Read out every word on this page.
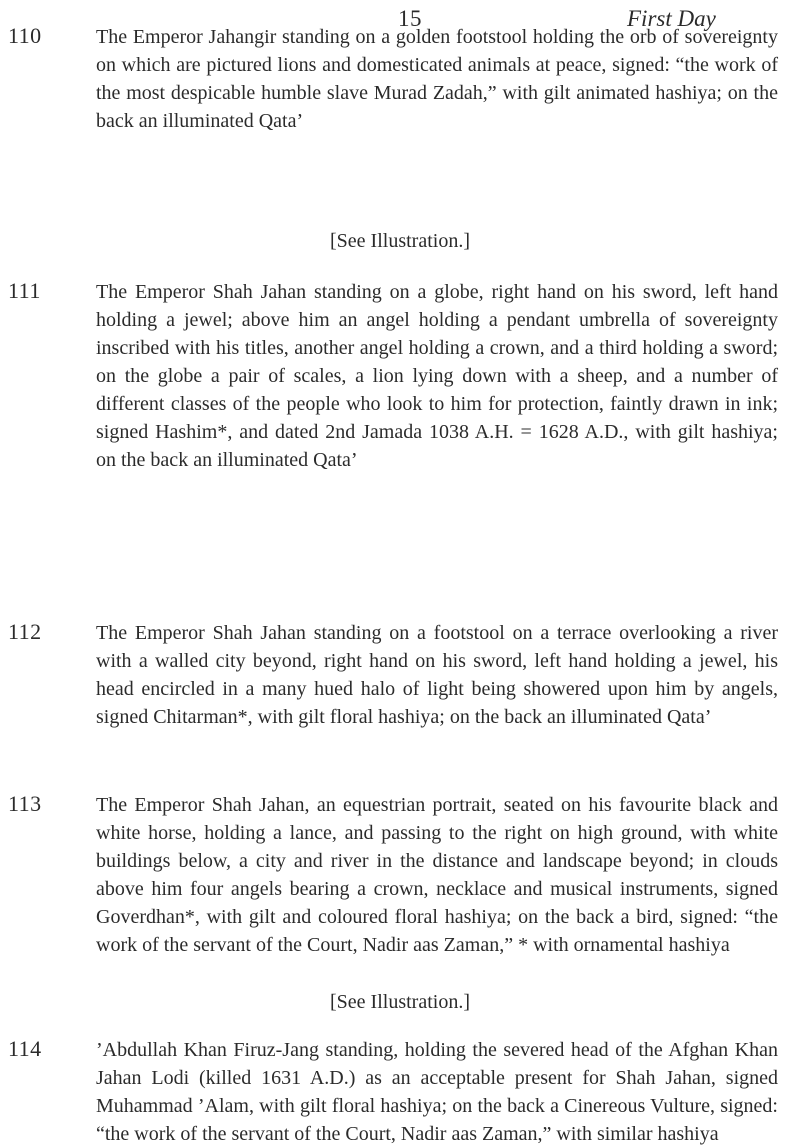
15	First Day
110	The Emperor Jahangir standing on a golden footstool holding the orb of sovereignty on which are pictured lions and domesticated animals at peace, signed: “the work of the most despicable humble slave Murad Zadah,” with gilt animated hashiya; on the back an illuminated Qata’

[See Illustration.]
111	The Emperor Shah Jahan standing on a globe, right hand on his sword, left hand holding a jewel; above him an angel holding a pendant umbrella of sovereignty inscribed with his titles, another angel holding a crown, and a third holding a sword; on the globe a pair of scales, a lion lying down with a sheep, and a number of different classes of the people who look to him for protection, faintly drawn in ink; signed Hashim*, and dated 2nd Jamada 1038 A.H. = 1628 A.D., with gilt hashiya; on the back an illuminated Qata’

112	The Emperor Shah Jahan standing on a footstool on a terrace overlooking a river with a walled city beyond, right hand on his sword, left hand holding a jewel, his head encircled in a many hued halo of light being showered upon him by angels, signed Chitarman*, with gilt floral hashiya; on the back an illuminated Qata’

113	The Emperor Shah Jahan, an equestrian portrait, seated on his favourite black and white horse, holding a lance, and passing to the right on high ground, with white buildings below, a city and river in the distance and landscape beyond; in clouds above him four angels bearing a crown, necklace and musical instruments, signed Goverdhan*, with gilt and coloured floral hashiya; on the back a bird, signed: “the work of the servant of the Court, Nadir aas Zaman,” * with ornamental hashiya

[See Illustration.]
114	’Abdullah Khan Firuz-Jang standing, holding the severed head of the Afghan Khan Jahan Lodi (killed 1631 A.D.) as an acceptable present for Shah Jahan, signed Muhammad ’Alam, with gilt floral hashiya; on the back a Cinereous Vulture, signed: “the work of the servant of the Court, Nadir aas Zaman,” with similar hashiya
